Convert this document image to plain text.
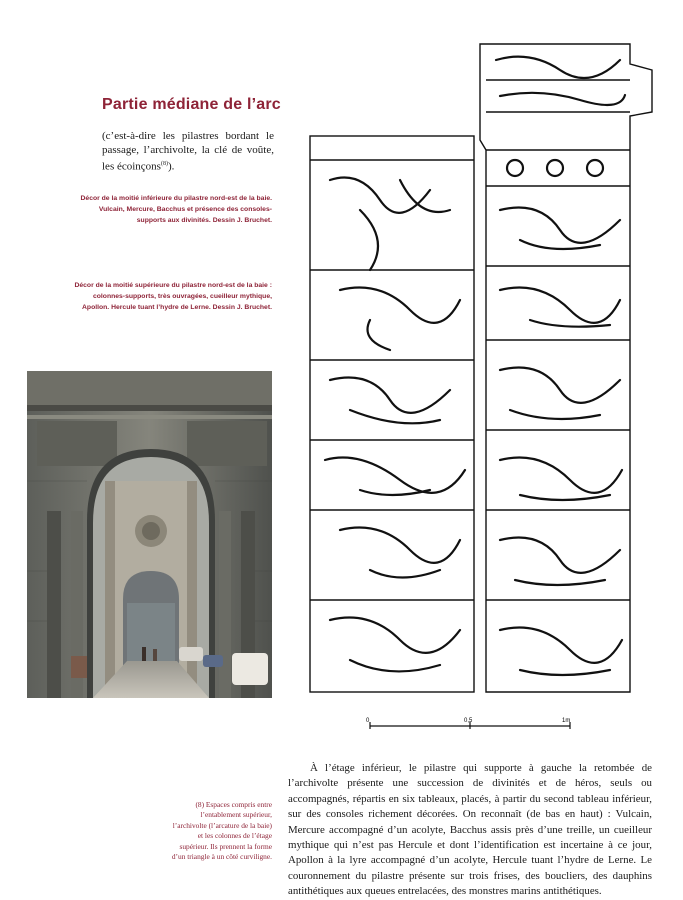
Partie médiane de l’arc
(c’est-à-dire les pilastres bordant le passage, l’archivolte, la clé de voûte, les écoinçons$^{(8)}$).
Décor de la moitié inférieure du pilastre nord-est de la baie. Vulcain, Mercure, Bacchus et présence des consoles-supports aux divinités. Dessin J. Bruchet.
Décor de la moitié supérieure du pilastre nord-est de la baie : colonnes-supports, très ouvragées, cueilleur mythique, Apollon. Hercule tuant l’hydre de Lerne. Dessin J. Bruchet.
0	0,5	1m

À l’étage inférieur, le pilastre qui supporte à gauche la retombée de l’archivolte présente une succession de divinités et de héros, seuls ou accompagnés, répartis en six tableaux, placés, à partir du second tableau inférieur, sur des consoles richement décorées. On reconnaît (de bas en haut) : Vulcain, Mercure accompagné d’un acolyte, Bacchus assis près d’une treille, un cueilleur mythique qui n’est pas Hercule et dont l’identification est incertaine à ce jour, Apollon à la lyre accompagné d’un acolyte, Hercule tuant l’hydre de Lerne. Le couronnement du pilastre présente sur trois frises, des boucliers, des dauphins antithétiques aux queues entrelacées, des monstres marins antithétiques.

(8) Espaces compris entre l’entablement supérieur, l’archivolte (l’arcature de la baie) et les colonnes de l’étage supérieur. Ils prennent la forme d’un triangle à un côté curviligne.
